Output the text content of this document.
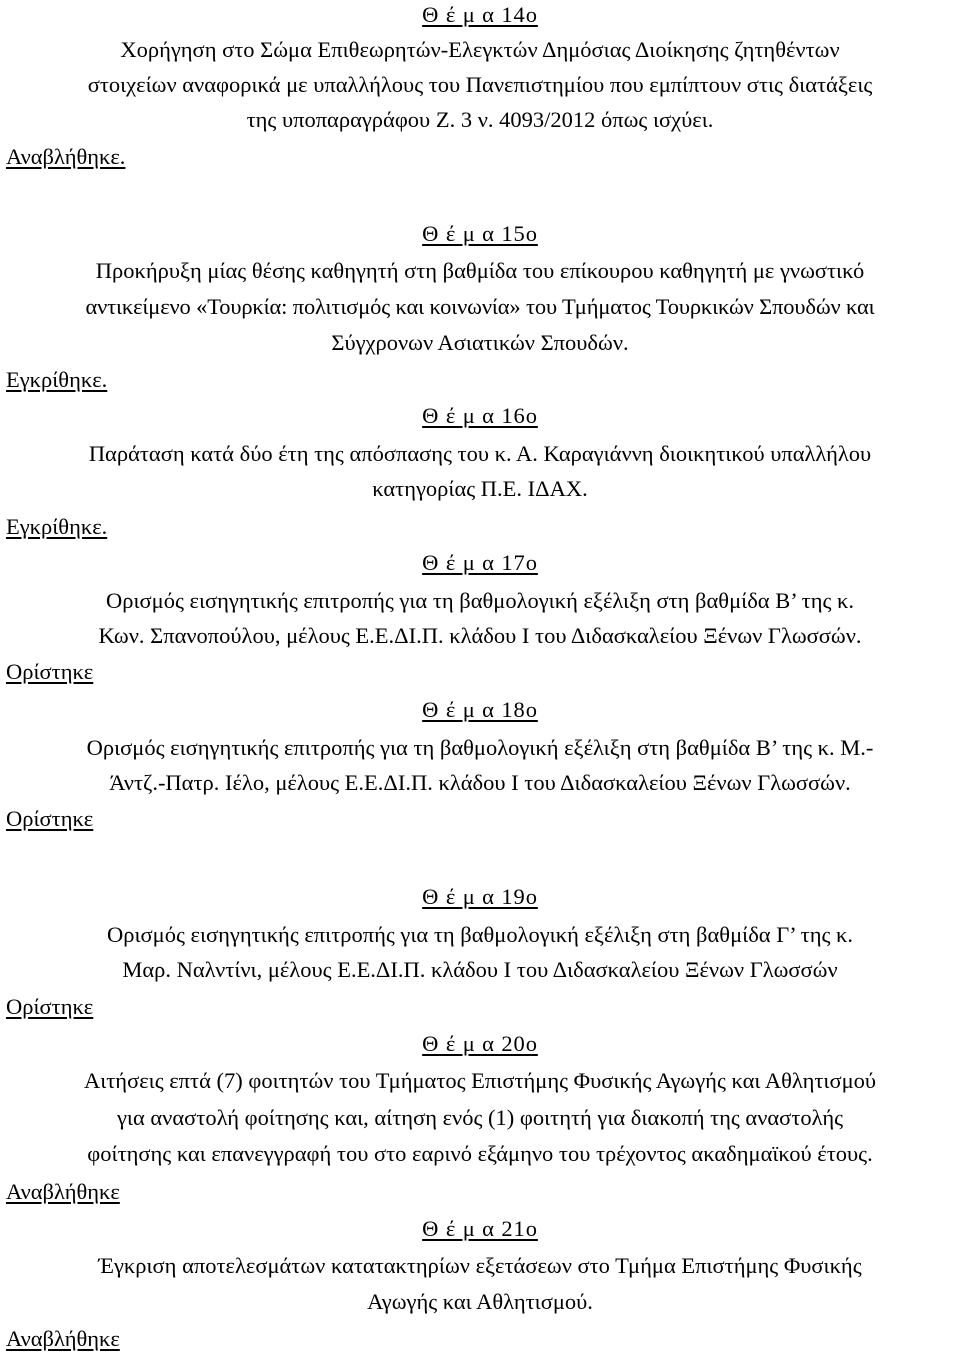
Θ έ μ α 14ο
Χορήγηση στο Σώμα Επιθεωρητών-Ελεγκτών Δημόσιας Διοίκησης ζητηθέντων
στοιχείων αναφορικά με υπαλλήλους του Πανεπιστημίου που εμπίπτουν στις διατάξεις
της υποπαραγράφου Ζ. 3 ν. 4093/2012 όπως ισχύει.
Αναβλήθηκε.
Θ έ μ α 15ο
Προκήρυξη μίας θέσης καθηγητή στη βαθμίδα του επίκουρου καθηγητή με γνωστικό
αντικείμενο «Τουρκία: πολιτισμός και κοινωνία» του Τμήματος Τουρκικών Σπουδών και
Σύγχρονων Ασιατικών Σπουδών.
Εγκρίθηκε.
Θ έ μ α 16ο
Παράταση κατά δύο έτη της απόσπασης του κ. Α. Καραγιάννη διοικητικού υπαλλήλου
κατηγορίας Π.Ε. ΙΔΑΧ.
Εγκρίθηκε.
Θ έ μ α 17ο
Ορισμός εισηγητικής επιτροπής για τη βαθμολογική εξέλιξη στη βαθμίδα Β’ της κ.
Κων. Σπανοπούλου, μέλους Ε.Ε.ΔΙ.Π. κλάδου Ι του Διδασκαλείου Ξένων Γλωσσών.
Ορίστηκε
Θ έ μ α 18ο
Ορισμός εισηγητικής επιτροπής για τη βαθμολογική εξέλιξη στη βαθμίδα Β’ της κ. Μ.-
Άντζ.-Πατρ. Ιέλο, μέλους Ε.Ε.ΔΙ.Π. κλάδου Ι του Διδασκαλείου Ξένων Γλωσσών.
Ορίστηκε
Θ έ μ α 19ο
Ορισμός εισηγητικής επιτροπής για τη βαθμολογική εξέλιξη στη βαθμίδα Γ’ της κ.
Μαρ. Ναλντίνι, μέλους Ε.Ε.ΔΙ.Π. κλάδου Ι του Διδασκαλείου Ξένων Γλωσσών
Ορίστηκε
Θ έ μ α 20ο
Αιτήσεις επτά (7) φοιτητών του Τμήματος Επιστήμης Φυσικής Αγωγής και Αθλητισμού
για αναστολή φοίτησης και, αίτηση ενός (1) φοιτητή για διακοπή της αναστολής
φοίτησης και επανεγγραφή του στο εαρινό εξάμηνο του τρέχοντος ακαδημαϊκού έτους.
Αναβλήθηκε
Θ έ μ α 21ο
Έγκριση αποτελεσμάτων κατατακτηρίων εξετάσεων στο Τμήμα Επιστήμης Φυσικής
Αγωγής και Αθλητισμού.
Αναβλήθηκε
